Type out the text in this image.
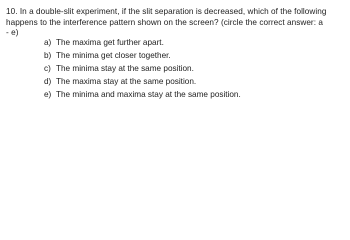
10. In a double-slit experiment, if the slit separation is decreased, which of the following
happens to the interference pattern shown on the screen? (circle the correct answer: a
- e)
a) The maxima get further apart.
b) The minima get closer together.
c) The minima stay at the same position.
d) The maxima stay at the same position.
e) The minima and maxima stay at the same position.
